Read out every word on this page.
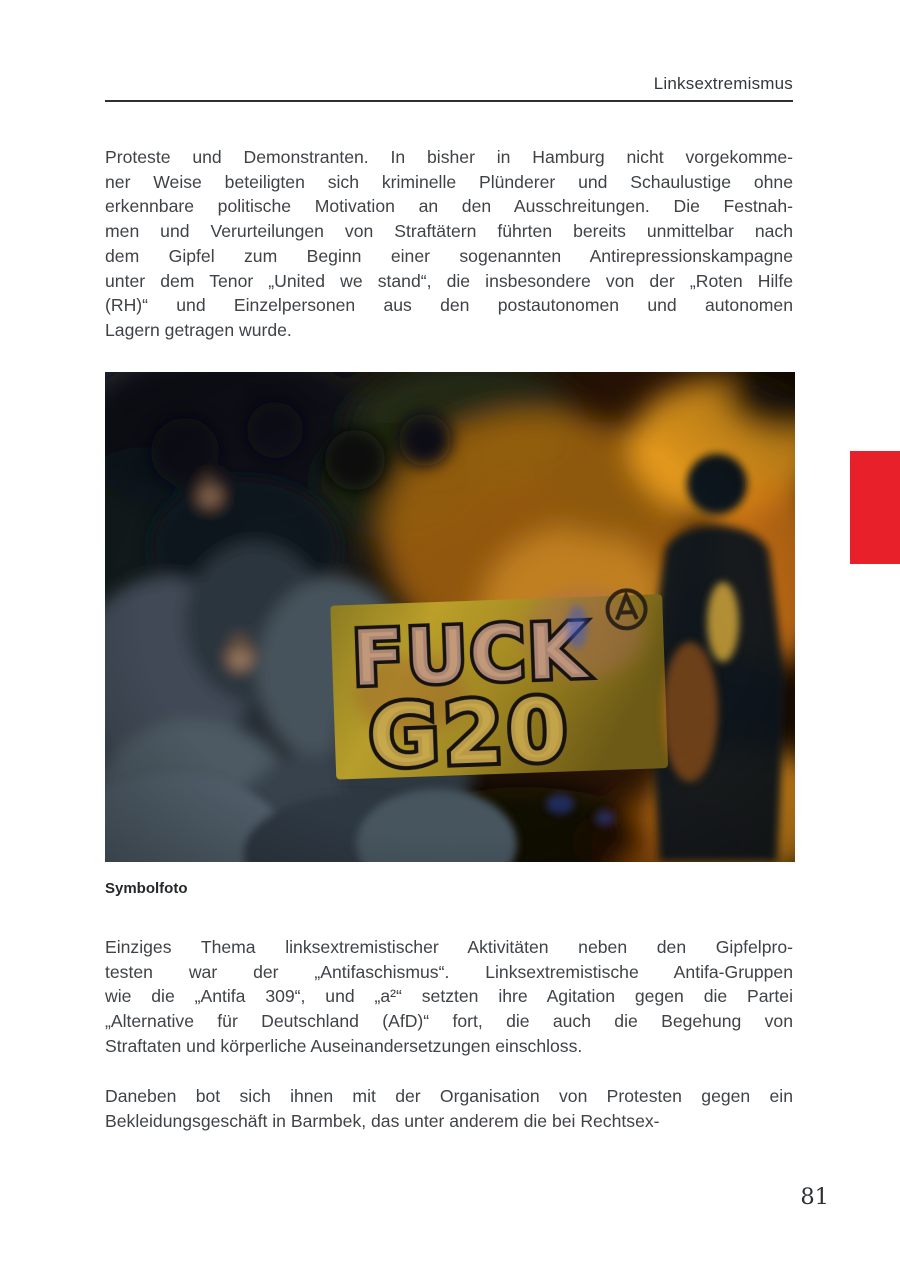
Linksextremismus
Proteste und Demonstranten. In bisher in Hamburg nicht vorgekomme-
ner Weise beteiligten sich kriminelle Plünderer und Schaulustige ohne
erkennbare politische Motivation an den Ausschreitungen. Die Festnah-
men und Verurteilungen von Straftätern führten bereits unmittelbar nach
dem Gipfel zum Beginn einer sogenannten Antirepressionskampagne
unter dem Tenor „United we stand“, die insbesondere von der „Roten Hilfe
(RH)“ und Einzelpersonen aus den postautonomen und autonomen
Lagern getragen wurde.
Symbolfoto
Einziges Thema linksextremistischer Aktivitäten neben den Gipfelpro-
testen war der „Antifaschismus“. Linksextremistische Antifa-Gruppen
wie die „Antifa 309“, und „a²“ setzten ihre Agitation gegen die Partei
„Alternative für Deutschland (AfD)“ fort, die auch die Begehung von
Straftaten und körperliche Auseinandersetzungen einschloss.
Daneben bot sich ihnen mit der Organisation von Protesten gegen ein
Bekleidungsgeschäft in Barmbek, das unter anderem die bei Rechtsex-
81
